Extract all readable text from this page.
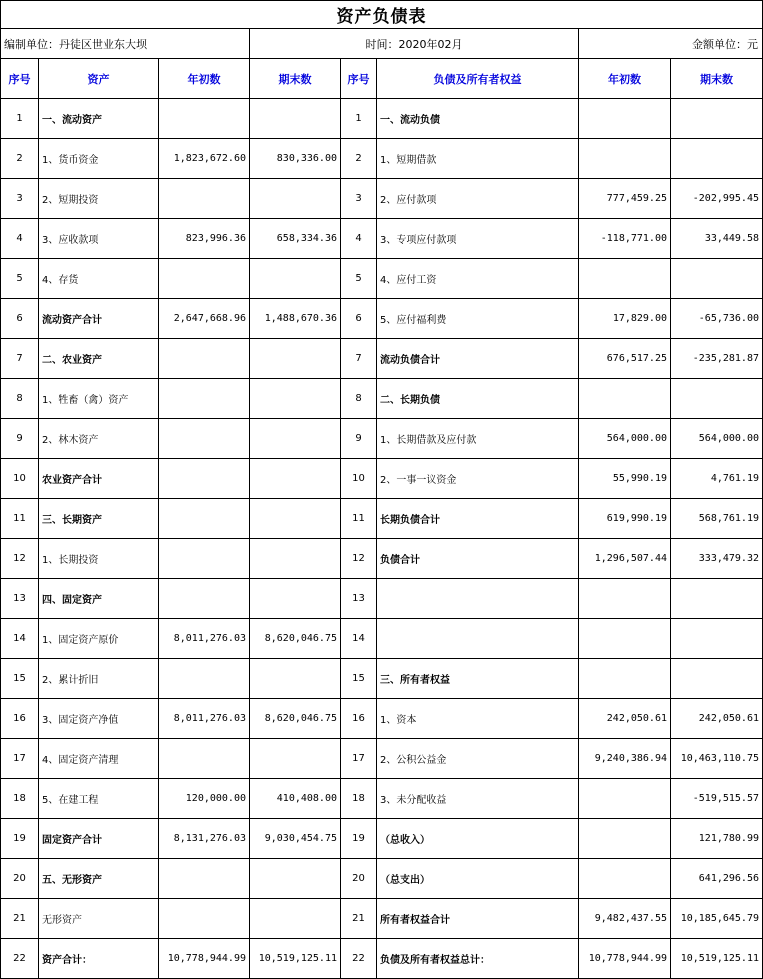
资产负债表							
编制单位：丹徒区世业东大坝			时间：2020年02月			金额单位：元	
序号	资产	年初数	期末数	序号	负债及所有者权益	年初数	期末数
1	一、流动资产			1	一、流动负债		
2	1、货币资金	1,823,672.60	830,336.00	2	1、短期借款		
3	2、短期投资			3	2、应付款项	777,459.25	-202,995.45
4	3、应收款项	823,996.36	658,334.36	4	3、专项应付款项	-118,771.00	33,449.58
5	4、存货			5	4、应付工资		
6	流动资产合计	2,647,668.96	1,488,670.36	6	5、应付福利费	17,829.00	-65,736.00
7	二、农业资产			7	流动负债合计	676,517.25	-235,281.87
8	1、牲畜（禽）资产			8	二、长期负债		
9	2、林木资产			9	1、长期借款及应付款	564,000.00	564,000.00
10	农业资产合计			10	2、一事一议资金	55,990.19	4,761.19
11	三、长期资产			11	长期负债合计	619,990.19	568,761.19
12	1、长期投资			12	负债合计	1,296,507.44	333,479.32
13	四、固定资产			13			
14	1、固定资产原价	8,011,276.03	8,620,046.75	14			
15	2、累计折旧			15	三、所有者权益		
16	3、固定资产净值	8,011,276.03	8,620,046.75	16	1、资本	242,050.61	242,050.61
17	4、固定资产清理			17	2、公积公益金	9,240,386.94	10,463,110.75
18	5、在建工程	120,000.00	410,408.00	18	3、未分配收益		-519,515.57
19	固定资产合计	8,131,276.03	9,030,454.75	19	（总收入）		121,780.99
20	五、无形资产			20	（总支出）		641,296.56
21	无形资产			21	所有者权益合计	9,482,437.55	10,185,645.79
22	资产合计：	10,778,944.99	10,519,125.11	22	负债及所有者权益总计：	10,778,944.99	10,519,125.11
